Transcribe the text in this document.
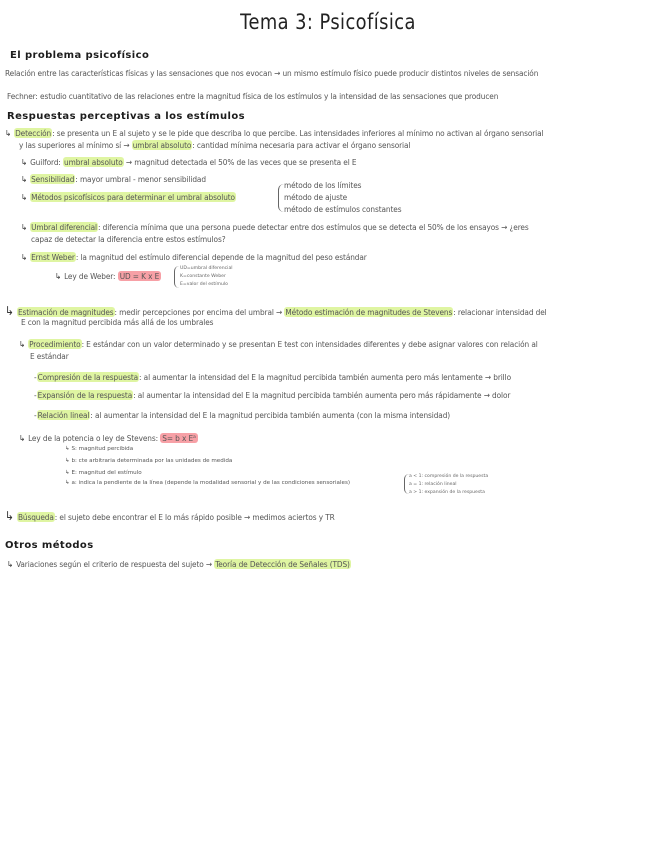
Tema 3: Psicofísica
El problema psicofísico
Relación entre las características físicas y las sensaciones que nos evocan → un mismo estímulo físico puede producir distintos niveles de sensación
Fechner: estudio cuantitativo de las relaciones entre la magnitud física de los estímulos y la intensidad de las sensaciones que producen
Respuestas perceptivas a los estímulos
↳ Detección: se presenta un E al sujeto y se le pide que describa lo que percibe. Las intensidades inferiores al mínimo no activan al órgano sensorial
y las superiores al mínimo sí → umbral absoluto: cantidad mínima necesaria para activar el órgano sensorial
↳ Guilford: umbral absoluto → magnitud detectada el 50% de las veces que se presenta el E
↳ Sensibilidad: mayor umbral - menor sensibilidad
↳ Métodos psicofísicos para determinar el umbral absoluto
método de los límites
método de ajuste
método de estímulos constantes
↳ Umbral diferencial: diferencia mínima que una persona puede detectar entre dos estímulos que se detecta el 50% de los ensayos → ¿eres
capaz de detectar la diferencia entre estos estímulos?
↳ Ernst Weber: la magnitud del estímulo diferencial depende de la magnitud del peso estándar
↳ Ley de Weber: UD = K x E
UD=umbral diferencial
K=constante Weber
E=valor del estímulo
↳ Estimación de magnitudes: medir percepciones por encima del umbral → Método estimación de magnitudes de Stevens: relacionar intensidad del
E con la magnitud percibida más allá de los umbrales
↳ Procedimiento: E estándar con un valor determinado y se presentan E test con intensidades diferentes y debe asignar valores con relación al
E estándar
-Compresión de la respuesta: al aumentar la intensidad del E la magnitud percibida también aumenta pero más lentamente → brillo
-Expansión de la respuesta: al aumentar la intensidad del E la magnitud percibida también aumenta pero más rápidamente → dolor
-Relación lineal: al aumentar la intensidad del E la magnitud percibida también aumenta (con la misma intensidad)
↳ Ley de la potencia o ley de Stevens: S= b x Eᵃ
↳ S: magnitud percibida
↳ b: cte arbitraria determinada por las unidades de medida
↳ E: magnitud del estímulo
↳ a: indica la pendiente de la línea (depende la modalidad sensorial y de las condiciones sensoriales)
a < 1: compresión de la respuesta
a = 1: relación lineal
a > 1: expansión de la respuesta
↳ Búsqueda: el sujeto debe encontrar el E lo más rápido posible → medimos aciertos y TR
Otros métodos
↳ Variaciones según el criterio de respuesta del sujeto → Teoría de Detección de Señales (TDS)
